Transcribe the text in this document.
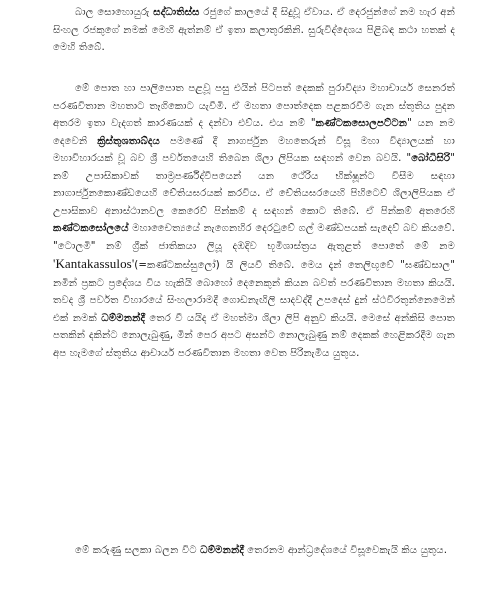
බාල සොහොයුරු සද්ධාතිස්ස රජුගේ කාලයේ දී සිදුවූ ඒවාය. ඒ දෙරජුන්ගේ නම හැර අන් සිංහල රජකුගේ නමක් මෙහි ඇත්නම් ඒ ඉතා කලාතුරකිනි. සුරුවිද්දෙශය පිළිබඳ කථා හතක් ද මෙහි තිබේ.
මේ පොත හා පාලිපොත පළවූ පසු එයින් පිටපත් දෙකක් පුරාවිද්‍යා මහාචාර්ය සෙනරත් පරණවිතාන මහතාට තෑගිකොට යැවීමි. ඒ මහතා පොත්දෙක පළකරවීම ගැන ස්තුතිය පුදන අතරම ඉතා වැදගත් කාරණයක් ද දන්වා එව්ය. එය නම් "කණ්ටකසොලපට්ටන" යන නම දෙවෙනි ක්‍රිස්තුශතාබ්දය පමණේ දී නාගර්ජුන මහතෙරුන් විසූ මහා විද්‍යාලයක් හා මහාවිහාරයක් වූ බව ශ්‍රී පර්වතයෙහි තිබෙන ශිලා ලිපියක සඳහන් වෙන බවයි. "බෝධිසිරි" නම් උපාසිකාවක් තාම්‍රපර්ණිද්වීපයෙන් යන ථේරිය භික්ෂූන්ට විසීම සඳහා නාගාර්ජුනකොණ්ඩයෙහි චේතියඝරයක් කරවිය. ඒ චේතියඝරයෙහි පිහිටෙව් ශිලාලිපියක ඒ උපාසිකාව අනාස්ථානවල කෙරෙව් පින්කම් ද සඳහන් කොට තිබේ. ඒ පින්කම් අතරෙහි කණ්ටකසෝලයේ මහාචෛත්‍යයේ නැගෙනහිර දෙරටුවේ ගල් මණ්ඩපයක් සැදෙව් බව කියවේ. "ටොලමි" නම් ග්‍රීක් ජාතිකයා ලියූ දඹදිව භූමිශාස්ත්‍රය ඇතුළත් පොතේ මේ නම 'Kantakassulos'(=කණ්ටකස්සුලෝ) යි ලියවී තිබේ. මෙය දැන් තෙලිඟුවේ "ඝණ්ඩසාල" නමින් ප්‍රකට ප්‍රදේශය විය හැකියි බොහෝ දෙනෙකුන් කියන බවත් පරණවිතාන මහතා කියයි. තවද ශ්‍රී පර්වත විහාරයේ සිංහලාරාමදී ගොඩනැඟිලි සාදවද්දී උපදෙස් දුන් ස්ථවිරතුන්නෙමෙන් එක් නමක් ධම්මනන්දී තෙර වී යයිද ඒ මහත්මා ශිලා ලිපි අනුව කියයි. මෙසේ අන්කිසි පොත පතකින් දකින්ට නොලැබුණු, මින් පෙර අපට අසන්ට නොලැබුණු නම් දෙකක් හෙළිකරදීම ගැන අප හැමගේ ස්තුතිය ආචාර්ය පරණවිතාන මහතා වෙත පිරිනැමිය යුතුය.
මේ කරුණු සලකා බලන විට ධම්මනන්දී තෙරනම ආන්ධ්‍රදේශයේ විසූවෙකැයි කිය යුතුය.
